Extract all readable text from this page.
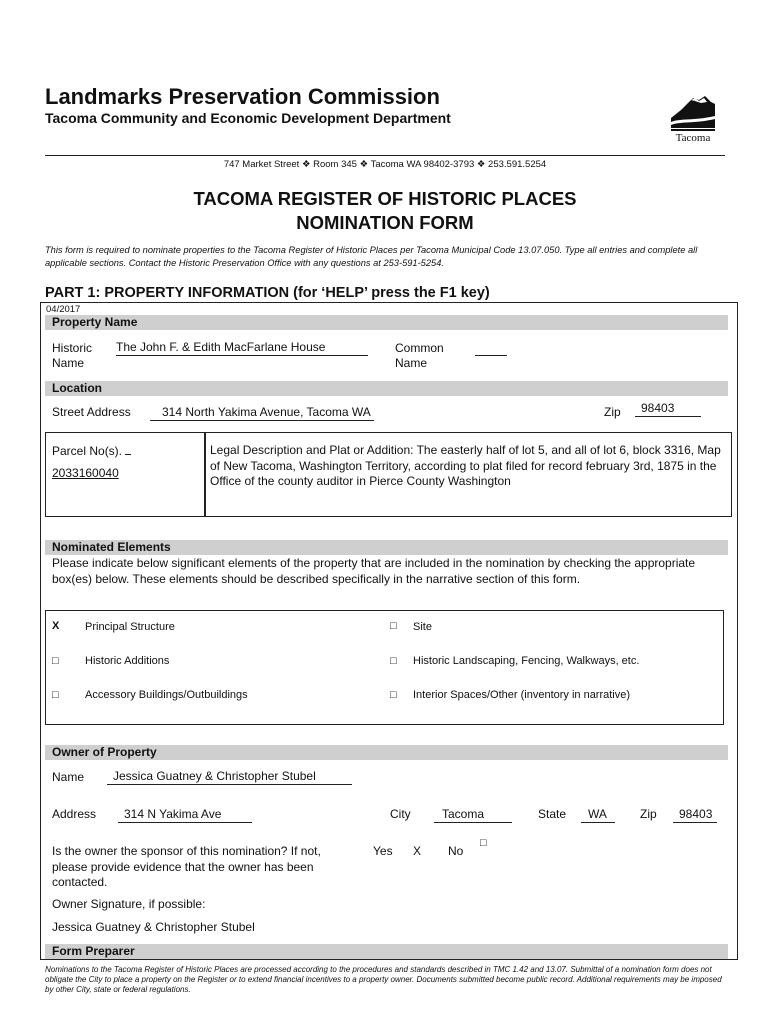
Landmarks Preservation Commission
Tacoma Community and Economic Development Department
Tacoma
747 Market Street ❖ Room 345 ❖ Tacoma WA 98402-3793 ❖ 253.591.5254
TACOMA REGISTER OF HISTORIC PLACES
NOMINATION FORM
This form is required to nominate properties to the Tacoma Register of Historic Places per Tacoma Municipal Code 13.07.050. Type all entries and complete all applicable sections. Contact the Historic Preservation Office with any questions at 253-591-5254.
PART 1: PROPERTY INFORMATION (for ‘HELP’ press the F1 key)
04/2017
Property Name
Historic
Name
The John F. & Edith MacFarlane House	Common
Name
Location
Street Address	314 North Yakima Avenue, Tacoma WA	Zip	98403
Parcel No(s).
2033160040
Legal Description and Plat or Addition: The easterly half of lot 5, and all of lot 6, block 3316, Map of New Tacoma, Washington Territory, according to plat filed for record february 3rd, 1875 in the Office of the county auditor in Pierce County Washington
Nominated Elements
Please indicate below significant elements of the property that are included in the nomination by checking the appropriate box(es) below. These elements should be described specifically in the narrative section of this form.
X Principal Structure	□ Site
□ Historic Additions	□ Historic Landscaping, Fencing, Walkways, etc.
□ Accessory Buildings/Outbuildings	□ Interior Spaces/Other (inventory in narrative)
Owner of Property
Name	Jessica Guatney & Christopher Stubel
Address	314 N Yakima Ave	City	Tacoma	State	WA	Zip	98403
Is the owner the sponsor of this nomination? If not, please provide evidence that the owner has been contacted.
Yes X No
□
Owner Signature, if possible:
Jessica Guatney & Christopher Stubel
Form Preparer
Nominations to the Tacoma Register of Historic Places are processed according to the procedures and standards described in TMC 1.42 and 13.07. Submittal of a nomination form does not obligate the City to place a property on the Register or to extend financial incentives to a property owner. Documents submitted become public record. Additional requirements may be imposed by other City, state or federal regulations.
